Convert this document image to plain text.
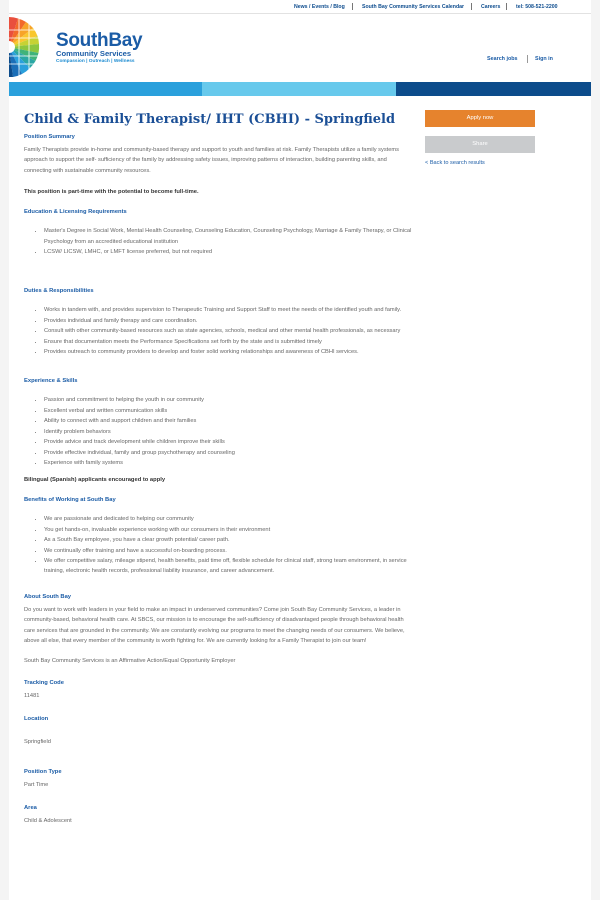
News / Events / Blog	South Bay Community Services Calendar	Careers	tel: 508-521-2200
SouthBay
Community Services
Compassion | Outreach | Wellness	Search jobs	Sign in
Apply now
Share
< Back to search results
Child & Family Therapist/ IHT (CBHI) - Springfield
Position Summary

Family Therapists provide in-home and community-based therapy and support to youth and families at risk. Family Therapists utilize a family systems approach to support the self- sufficiency of the family by addressing safety issues, improving patterns of interaction, building parenting skills, and connecting with sustainable community resources.

This position is part-time with the potential to become full-time.
Education & Licensing Requirements
• Master's Degree in Social Work, Mental Health Counseling, Counseling Education, Counseling Psychology, Marriage & Family Therapy, or Clinical Psychology from an accredited educational institution
• LCSW/ LICSW, LMHC, or LMFT license preferred, but not required
Duties & Responsibilities
• Works in tandem with, and provides supervision to Therapeutic Training and Support Staff to meet the needs of the identified youth and family.
• Provides individual and family therapy and care coordination.
• Consult with other community-based resources such as state agencies, schools, medical and other mental health professionals, as necessary
• Ensure that documentation meets the Performance Specifications set forth by the state and is submitted timely
• Provides outreach to community providers to develop and foster solid working relationships and awareness of CBHI services.
Experience & Skills
• Passion and commitment to helping the youth in our community
• Excellent verbal and written communication skills
• Ability to connect with and support children and their families
• Identify problem behaviors
• Provide advice and track development while children improve their skills
• Provide effective individual, family and group psychotherapy and counseling
• Experience with family systems
Bilingual (Spanish) applicants encouraged to apply
Benefits of Working at South Bay
• We are passionate and dedicated to helping our community
• You get hands-on, invaluable experience working with our consumers in their environment
• As a South Bay employee, you have a clear growth potential/ career path.
• We continually offer training and have a successful on-boarding process.
• We offer competitive salary, mileage stipend, health benefits, paid time off, flexible schedule for clinical staff, strong team environment, in service training, electronic health records, professional liability insurance, and career advancement.
About South Bay

Do you want to work with leaders in your field to make an impact in underserved communities? Come join South Bay Community Services, a leader in community-based, behavioral health care. At SBCS, our mission is to encourage the self-sufficiency of disadvantaged people through behavioral health care services that are grounded in the community. We are constantly evolving our programs to meet the changing needs of our consumers. We believe, above all else, that every member of the community is worth fighting for. We are currently looking for a Family Therapist to join our team!

South Bay Community Services is an Affirmative Action/Equal Opportunity Employer

Tracking Code

11481

Location

Springfield

Position Type

Part Time

Area

Child & Adolescent
